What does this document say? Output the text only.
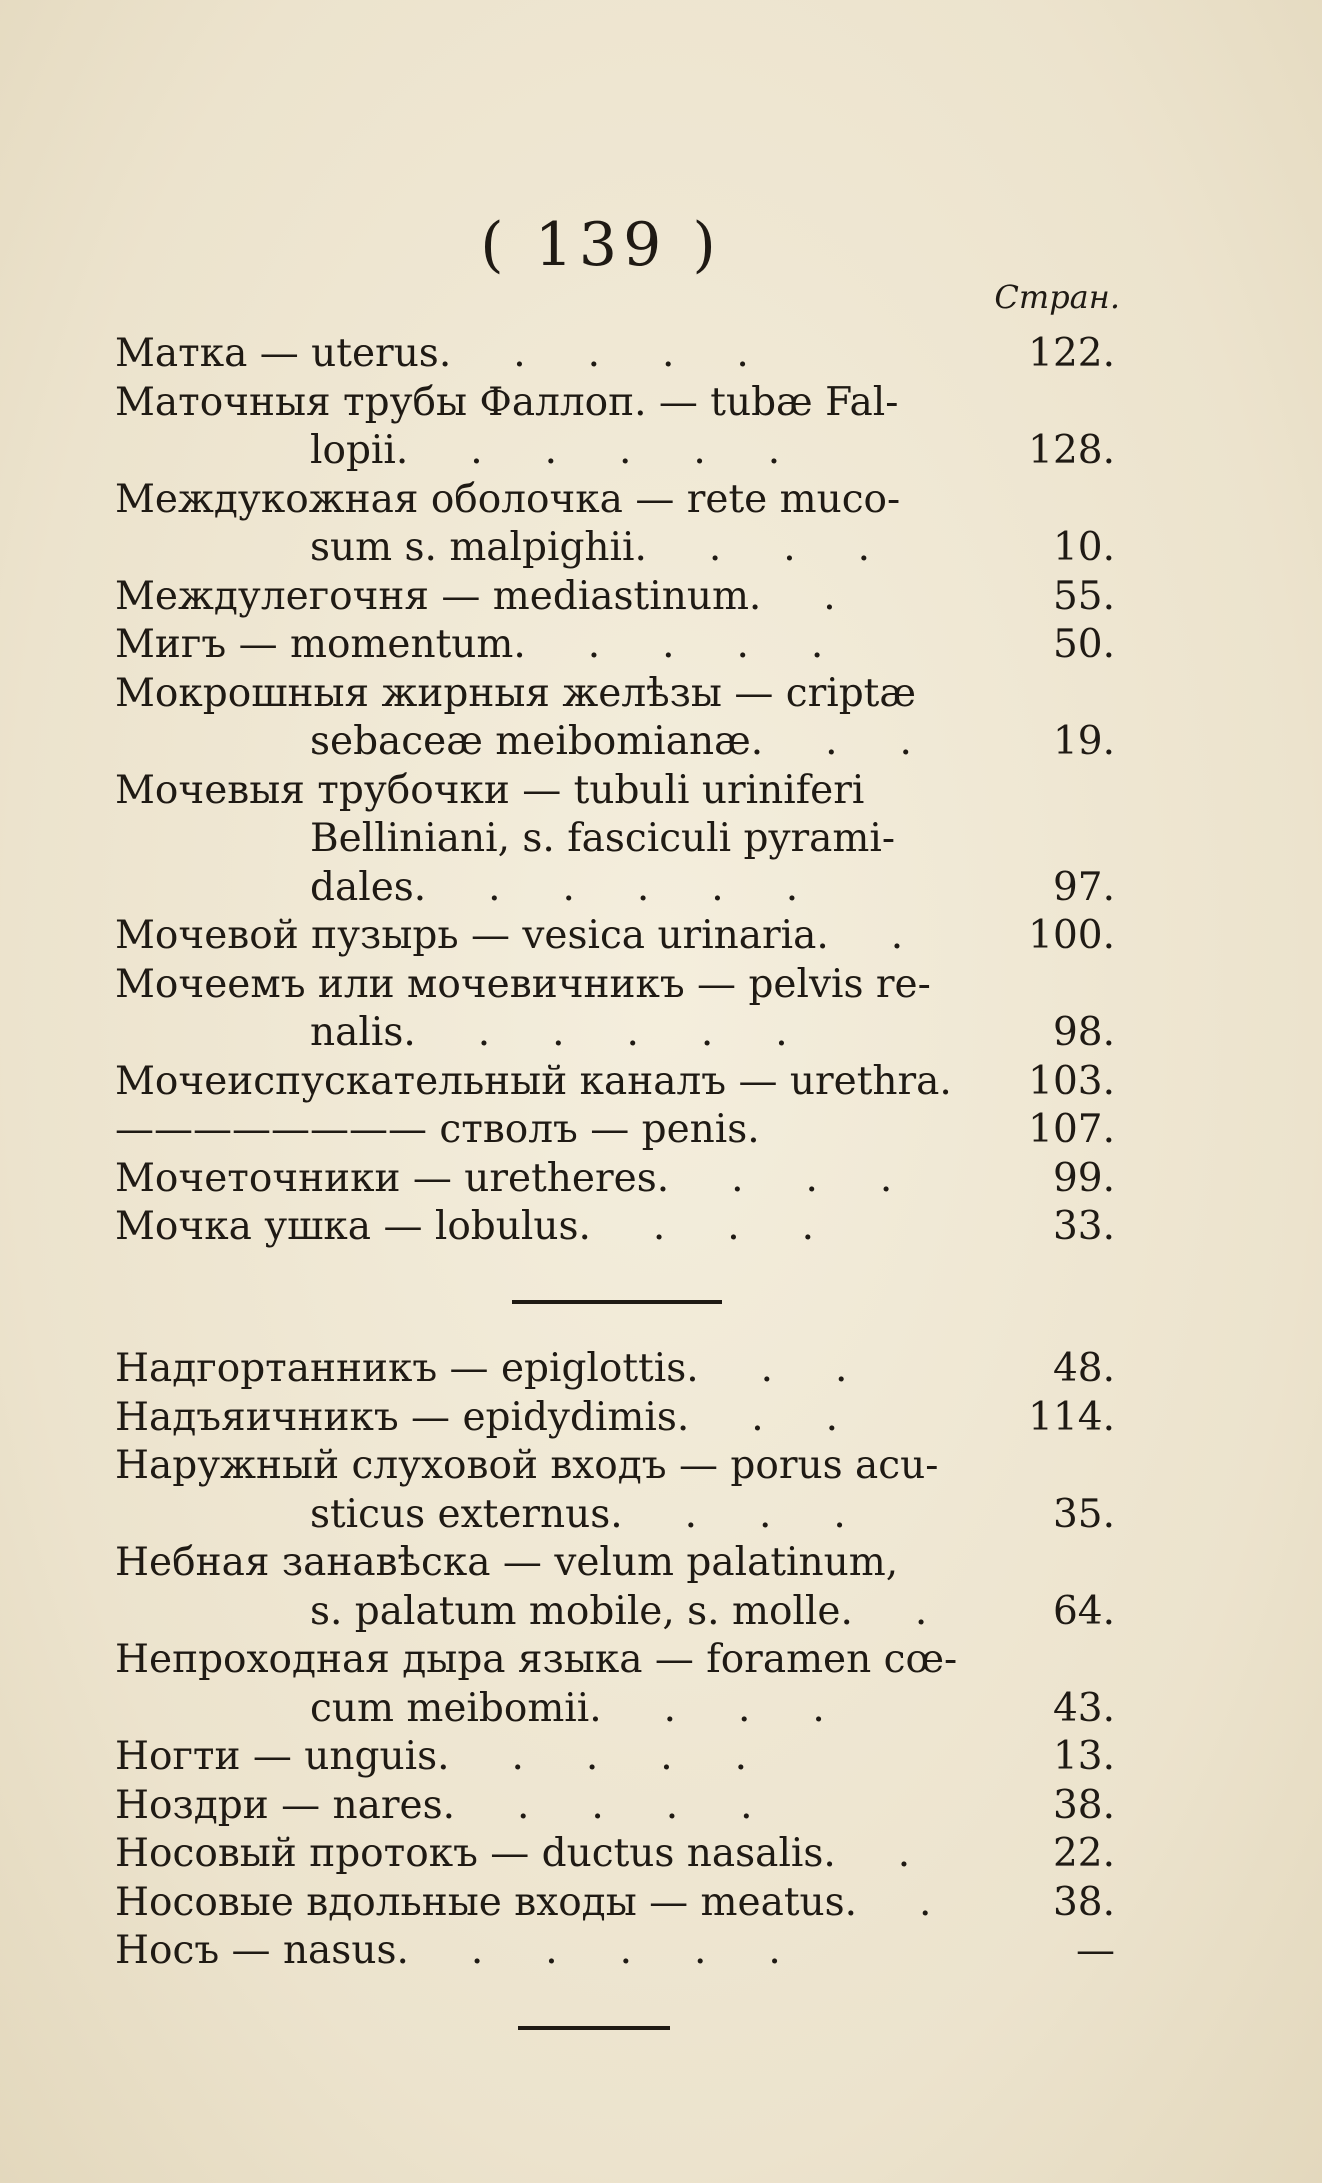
( 139 )
Стран.
Матка — uterus.     .     .     .     .	122.
Маточныя трубы Фаллоп. — tubæ Fal-
lopii.     .     .     .     .     .	128.
Междукожная оболочка — rete muco-
sum s. malpighii.     .     .     .	10.
Междулегочня — mediastinum.     .	55.
Мигъ — momentum.     .     .     .     .	50.
Мокрошныя жирныя желѣзы — criptæ
sebaceæ meibomianæ.     .     .	19.
Мочевыя трубочки — tubuli uriniferi
Belliniani, s. fasciculi pyrami-
dales.     .     .     .     .     .	97.
Мочевой пузырь — vesica urinaria.     .	100.
Мочеемъ или мочевичникъ — pelvis re-
nalis.     .     .     .     .     .	98.
Мочеиспускательный каналъ — urethra. 103.
———————— стволъ — penis.	107.
Мочеточники — uretheres.     .     .     .	99.
Мочка ушка — lobulus.     .     .     .	33.
Надгортанникъ — epiglottis.     .     .	48.
Надъяичникъ — epidydimis.     .     .	114.
Наружный слуховой входъ — porus acu-
sticus externus.     .     .     .	35.
Небная занавѣска — velum palatinum,
s. palatum mobile, s. molle.     .	64.
Непроходная дыра языка — foramen cœ-
cum meibomii.     .     .     .	43.
Ногти — unguis.     .     .     .     .	13.
Ноздри — nares.     .     .     .     .	38.
Носовый протокъ — ductus nasalis.     .	22.
Носовые вдольные входы — meatus.     .	38.
Носъ — nasus.     .     .     .     .     .	—
